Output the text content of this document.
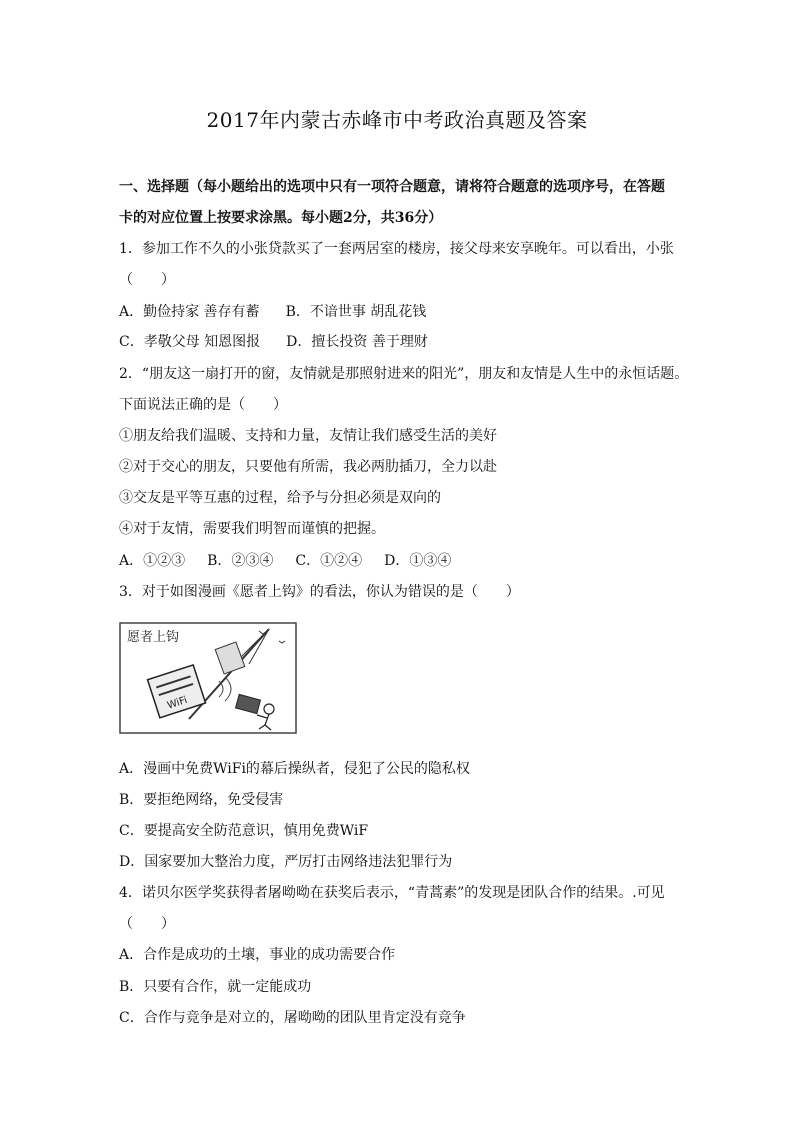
2017年内蒙古赤峰市中考政治真题及答案
一、选择题（每小题给出的选项中只有一项符合题意，请将符合题意的选项序号，在答题
卡的对应位置上按要求涂黑。每小题2分，共36分）
1．参加工作不久的小张贷款买了一套两居室的楼房，接父母来安享晚年。可以看出，小张
（　　）
A．勤俭持家 善存有蓄 B．不谙世事 胡乱花钱
C．孝敬父母 知恩图报 D．擅长投资 善于理财
2．“朋友这一扇打开的窗，友情就是那照射进来的阳光”，朋友和友情是人生中的永恒话题。
下面说法正确的是（　　）
①朋友给我们温暖、支持和力量，友情让我们感受生活的美好
②对于交心的朋友，只要他有所需，我必两肋插刀，全力以赴
③交友是平等互惠的过程，给予与分担必须是双向的
④对于友情，需要我们明智而谨慎的把握。
A．①②③ B．②③④ C．①②④ D．①③④
3．对于如图漫画《愿者上钩》的看法，你认为错误的是（　　）
愿者上钩
WiFi
A．漫画中免费WiFi的幕后操纵者，侵犯了公民的隐私权
B．要拒绝网络，免受侵害
C．要提高安全防范意识，慎用免费WiF
D．国家要加大整治力度，严厉打击网络违法犯罪行为
4．诺贝尔医学奖获得者屠呦呦在获奖后表示，“青蒿素”的发现是团队合作的结果。.可见
（　　）
A．合作是成功的土壤，事业的成功需要合作
B．只要有合作，就一定能成功
C．合作与竞争是对立的，屠呦呦的团队里肯定没有竞争
